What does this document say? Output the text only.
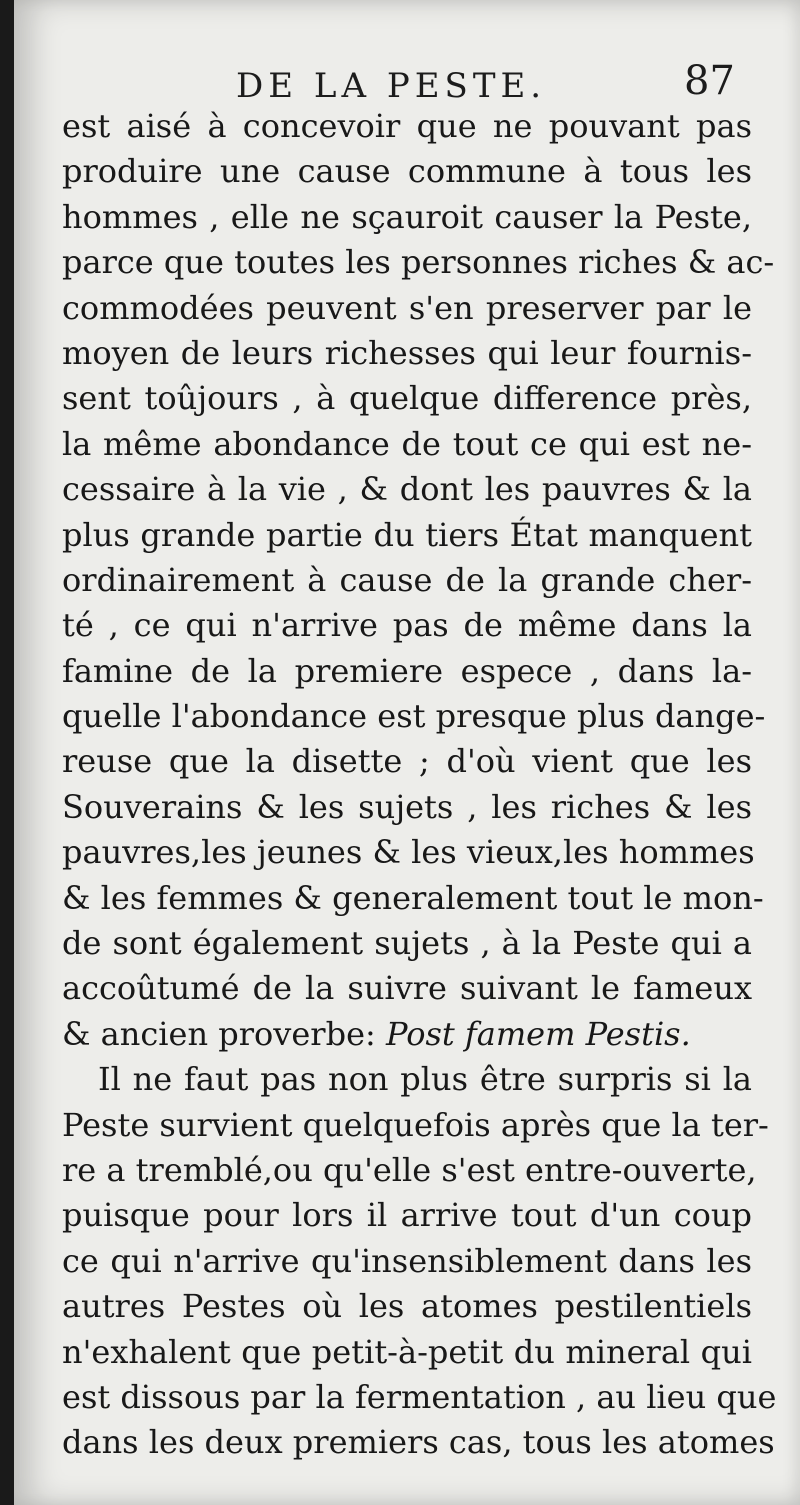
DE LA PESTE.	87
est aisé à concevoir que ne pouvant pas
produire une cause commune à tous les
hommes , elle ne sçauroit causer la Peste,
parce que toutes les personnes riches & ac-
commodées peuvent s'en preserver par le
moyen de leurs richesses qui leur fournis-
sent toûjours , à quelque difference près,
la même abondance de tout ce qui est ne-
cessaire à la vie , & dont les pauvres & la
plus grande partie du tiers État manquent
ordinairement à cause de la grande cher-
té , ce qui n'arrive pas de même dans la
famine de la premiere espece , dans la-
quelle l'abondance est presque plus dange-
reuse que la disette ; d'où vient que les
Souverains & les sujets , les riches & les
pauvres,les jeunes & les vieux,les hommes
& les femmes & generalement tout le mon-
de sont également sujets , à la Peste qui a
accoûtumé de la suivre suivant le fameux
& ancien proverbe: Post famem Pestis.
Il ne faut pas non plus être surpris si la
Peste survient quelquefois après que la ter-
re a tremblé,ou qu'elle s'est entre-ouverte,
puisque pour lors il arrive tout d'un coup
ce qui n'arrive qu'insensiblement dans les
autres Pestes où les atomes pestilentiels
n'exhalent que petit-à-petit du mineral qui
est dissous par la fermentation , au lieu que
dans les deux premiers cas, tous les atomes
